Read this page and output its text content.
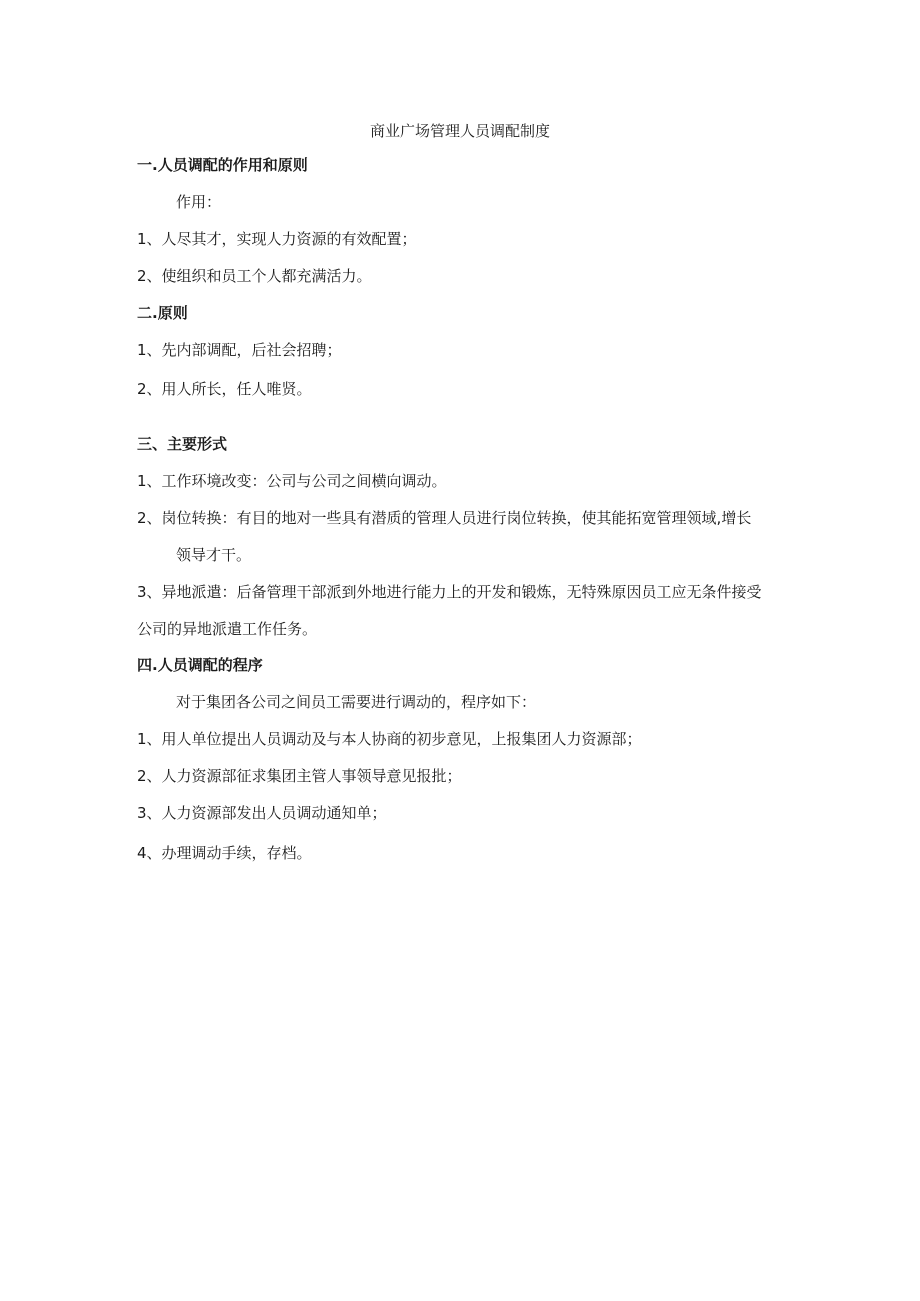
商业广场管理人员调配制度
一.人员调配的作用和原则
作用：
1、人尽其才，实现人力资源的有效配置；
2、使组织和员工个人都充满活力。
二.原则
1、先内部调配，后社会招聘；
2、用人所长，任人唯贤。
三、主要形式
1、工作环境改变：公司与公司之间横向调动。
2、岗位转换：有目的地对一些具有潜质的管理人员进行岗位转换，使其能拓宽管理领域,增长
领导才干。
3、异地派遣：后备管理干部派到外地进行能力上的开发和锻炼，无特殊原因员工应无条件接受
公司的异地派遣工作任务。
四.人员调配的程序
对于集团各公司之间员工需要进行调动的，程序如下：
1、用人单位提出人员调动及与本人协商的初步意见，上报集团人力资源部；
2、人力资源部征求集团主管人事领导意见报批；
3、人力资源部发出人员调动通知单；
4、办理调动手续，存档。
